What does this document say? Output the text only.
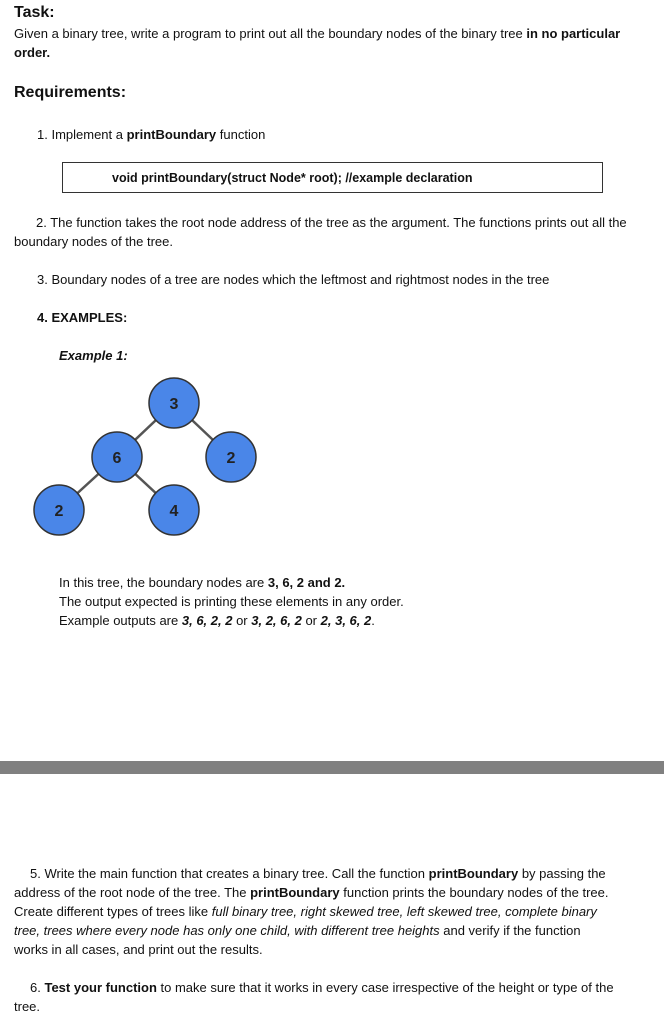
Task:
Given a binary tree, write a program to print out all the boundary nodes of the binary tree in no particular order.
Requirements:
1. Implement a printBoundary function
void printBoundary(struct Node* root); //example declaration
2. The function takes the root node address of the tree as the argument. The functions prints out all the boundary nodes of the tree.
3. Boundary nodes of a tree are nodes which the leftmost and rightmost nodes in the tree
4. EXAMPLES:
Example 1:
3
6	2
2	4
In this tree, the boundary nodes are 3, 6, 2 and 2.
The output expected is printing these elements in any order.
Example outputs are 3, 6, 2, 2 or 3, 2, 6, 2 or 2, 3, 6, 2.
5. Write the main function that creates a binary tree. Call the function printBoundary by passing the address of the root node of the tree. The printBoundary function prints the boundary nodes of the tree. Create different types of trees like full binary tree, right skewed tree, left skewed tree, complete binary tree, trees where every node has only one child, with different tree heights and verify if the function works in all cases, and print out the results.
6. Test your function to make sure that it works in every case irrespective of the height or type of the tree.
